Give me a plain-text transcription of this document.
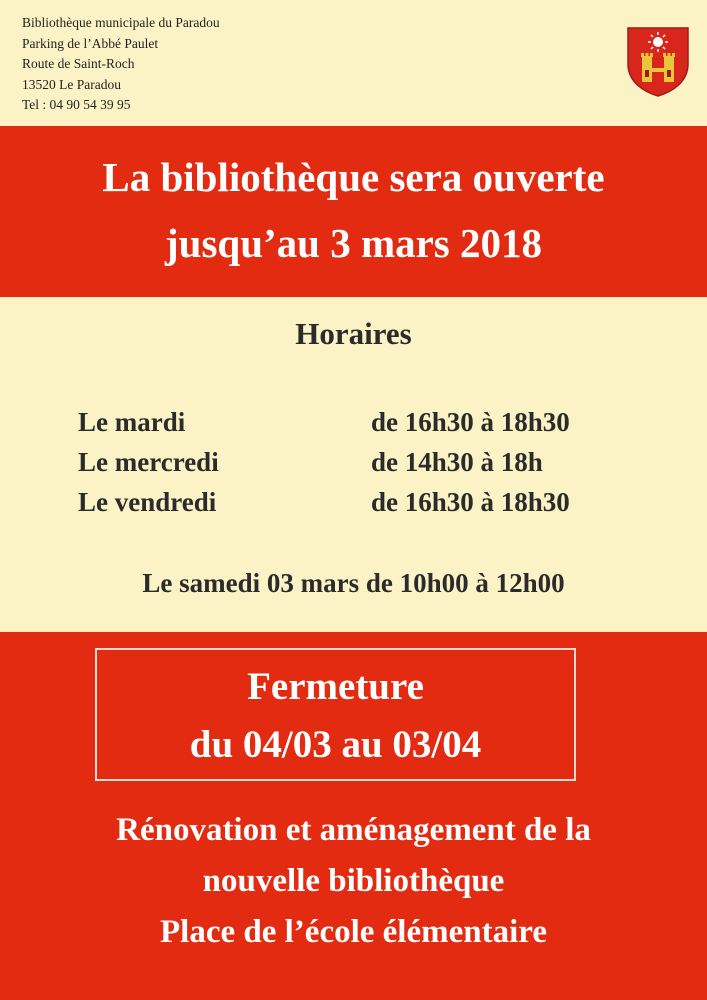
Bibliothèque municipale du Paradou
Parking de l’Abbé Paulet
Route de Saint-Roch
13520 Le Paradou
Tel : 04 90 54 39 95
La bibliothèque sera ouverte
jusqu’au 3 mars 2018
Horaires
Le mardi	de 16h30 à 18h30
Le mercredi	de 14h30 à 18h
Le vendredi	de 16h30 à 18h30
Le samedi 03 mars de 10h00 à 12h00
Fermeture
du 04/03 au 03/04
Rénovation et aménagement de la
nouvelle bibliothèque
Place de l’école élémentaire
